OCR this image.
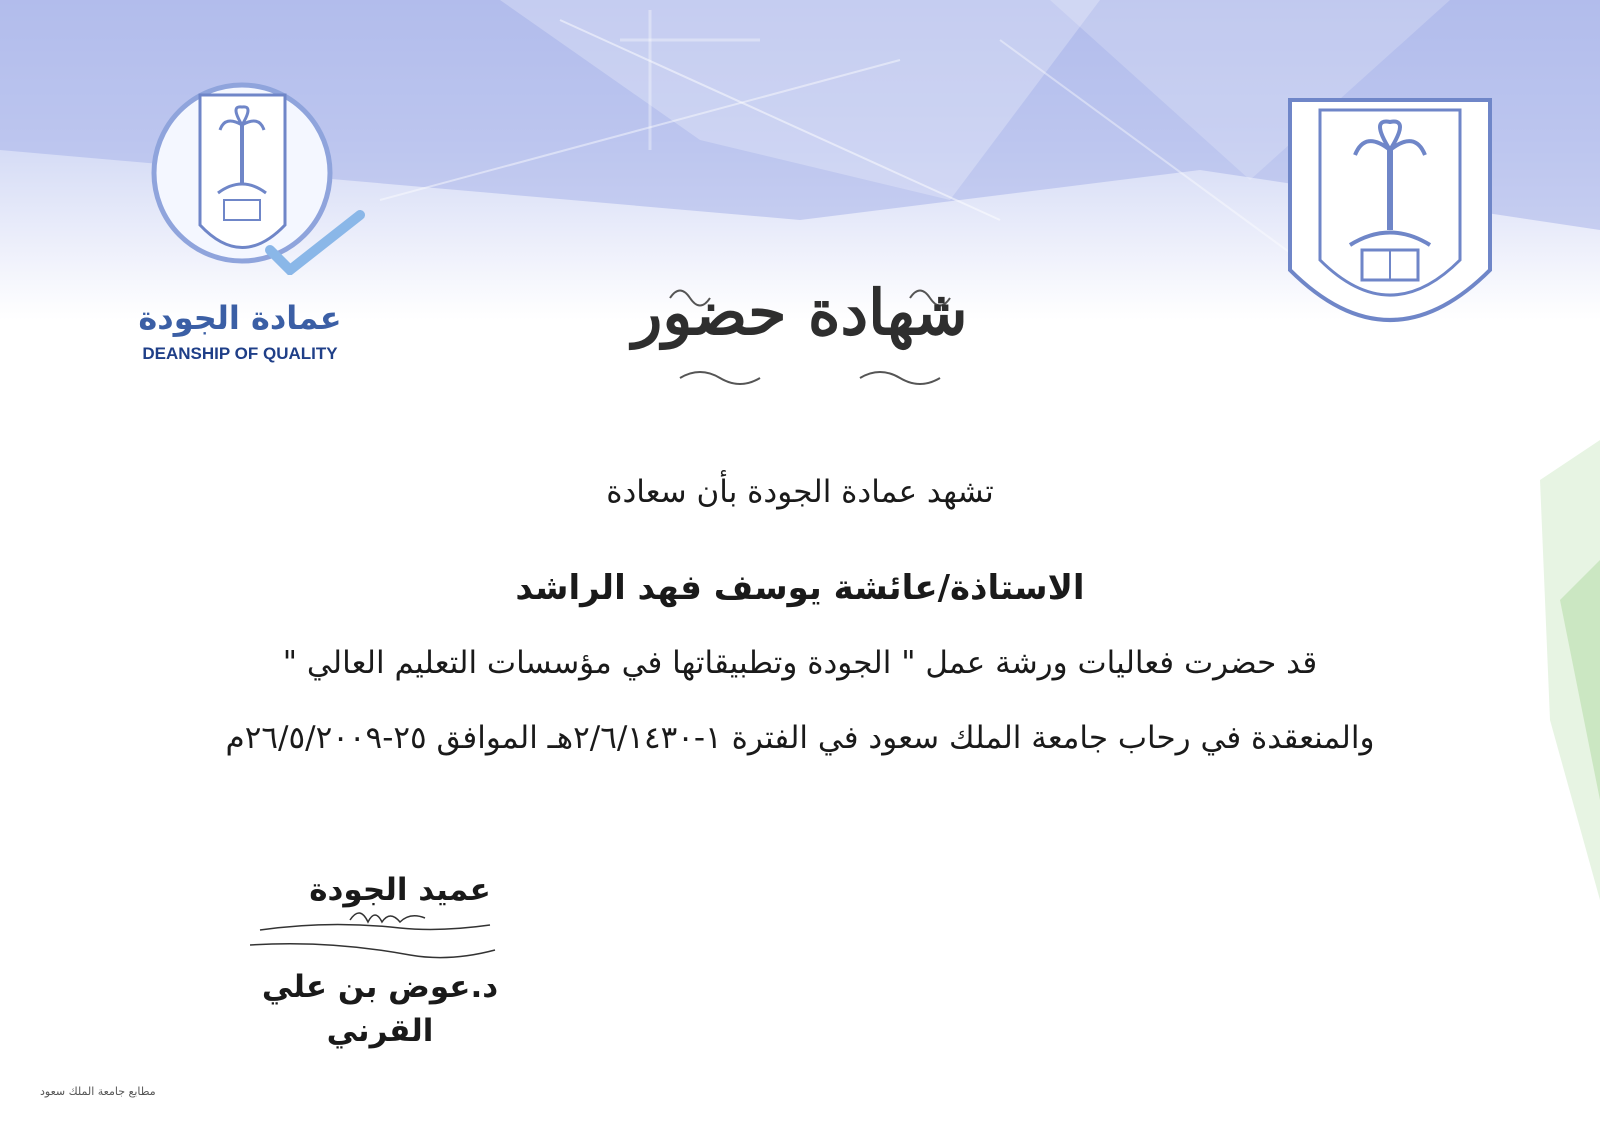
عمادة الجودة
DEANSHIP OF QUALITY
شهادة حضور
تشهد عمادة الجودة بأن سعادة
الاستاذة/عائشة يوسف فهد الراشد
قد حضرت فعاليات ورشة عمل " الجودة وتطبيقاتها في مؤسسات التعليم العالي "
والمنعقدة في رحاب جامعة الملك سعود في الفترة ١-٢/٦/١٤٣٠هـ الموافق ٢٥-٢٦/٥/٢٠٠٩م
عميد الجودة
د.عوض بن علي القرني
مطابع جامعة الملك سعود
